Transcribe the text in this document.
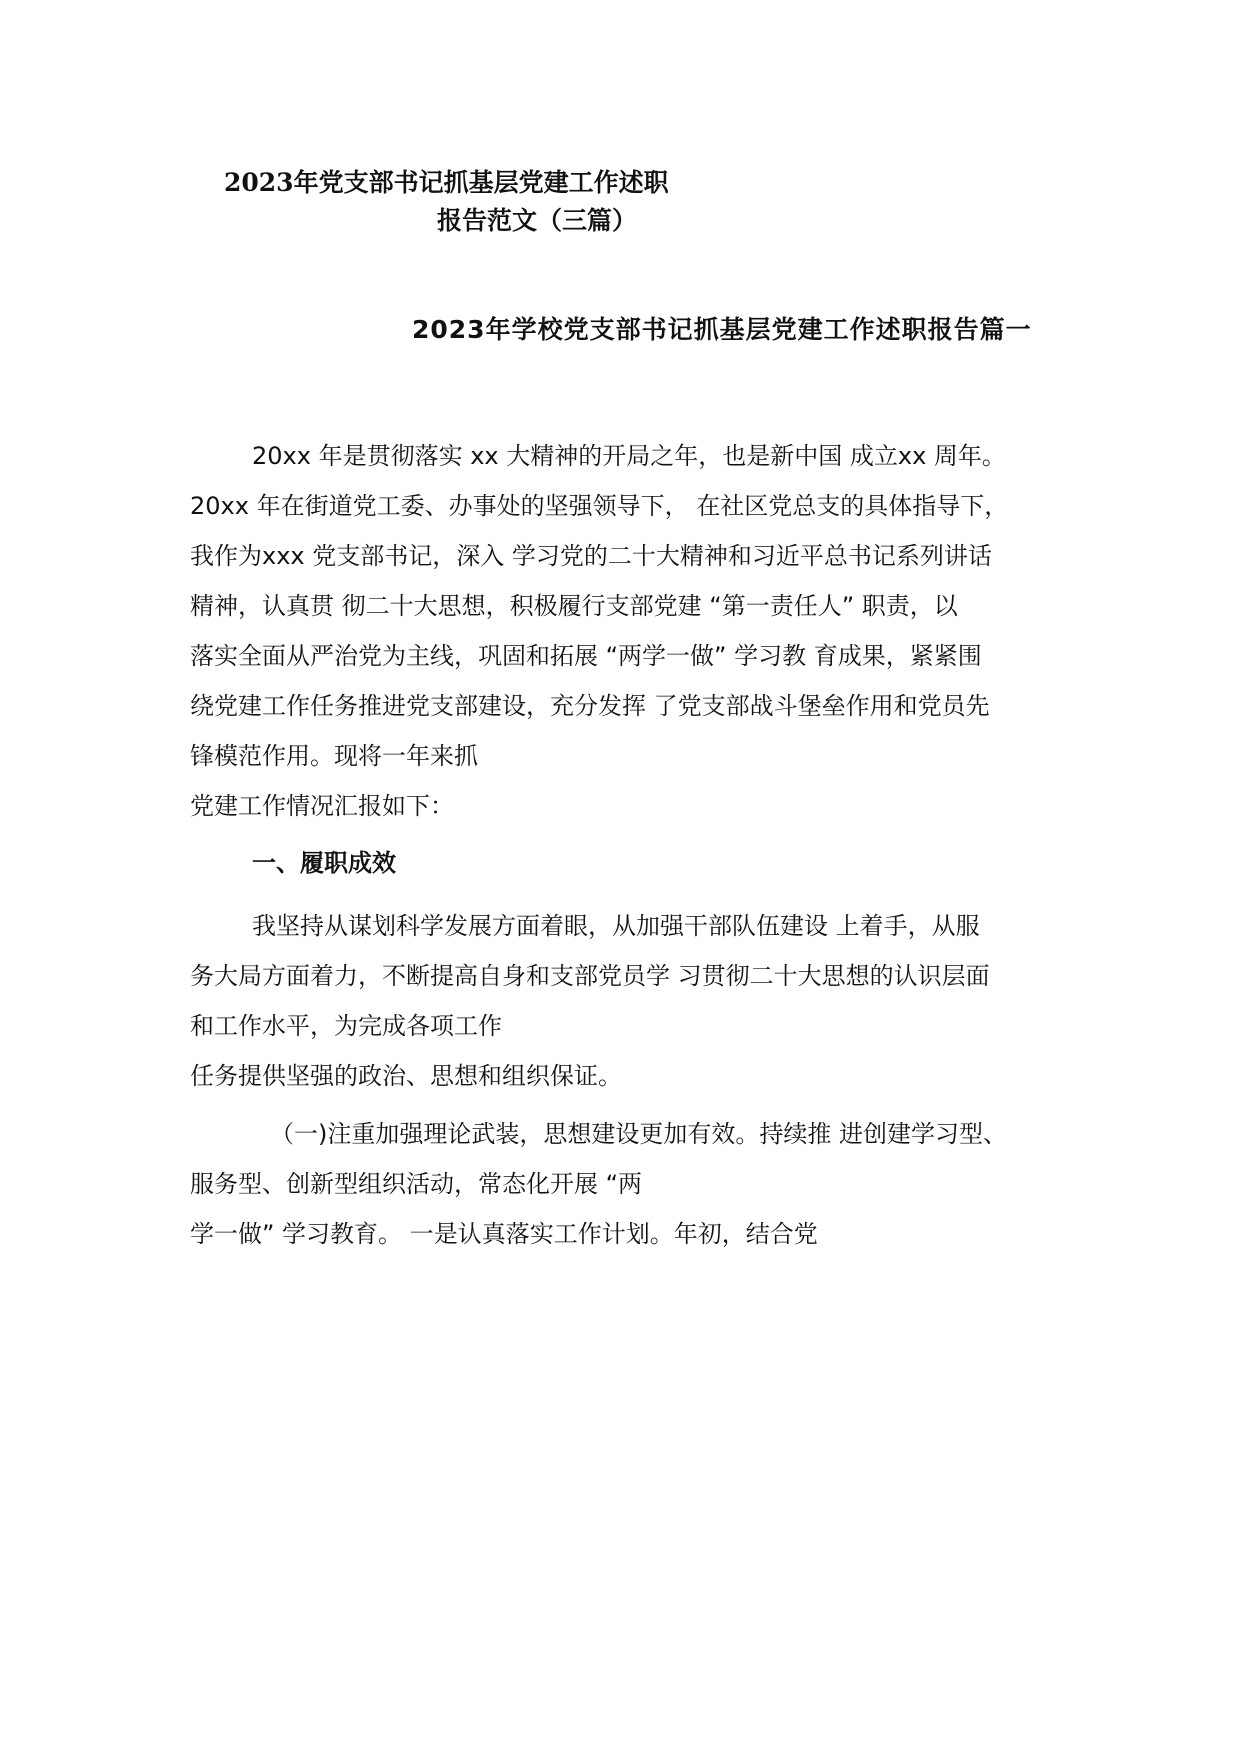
2023年党支部书记抓基层党建工作述职
报告范文（三篇）
2023年学校党支部书记抓基层党建工作述职报告篇一
20xx 年是贯彻落实 xx 大精神的开局之年，也是新中国 成立xx 周年。
20xx 年在街道党工委、办事处的坚强领导下， 在社区党总支的具体指导下，
我作为xxx 党支部书记，深入 学习党的二十大精神和习近平总书记系列讲话
精神，认真贯 彻二十大思想，积极履行支部党建 “第一责任人” 职责，以
落实全面从严治党为主线，巩固和拓展 “两学一做” 学习教 育成果，紧紧围
绕党建工作任务推进党支部建设，充分发挥 了党支部战斗堡垒作用和党员先
锋模范作用。现将一年来抓
党建工作情况汇报如下：
一、履职成效
我坚持从谋划科学发展方面着眼，从加强干部队伍建设 上着手，从服
务大局方面着力，不断提高自身和支部党员学 习贯彻二十大思想的认识层面
和工作水平，为完成各项工作
任务提供坚强的政治、思想和组织保证。
（一)注重加强理论武装，思想建设更加有效。持续推 进创建学习型、
服务型、创新型组织活动，常态化开展 “两
学一做” 学习教育。 一是认真落实工作计划。年初，结合党
